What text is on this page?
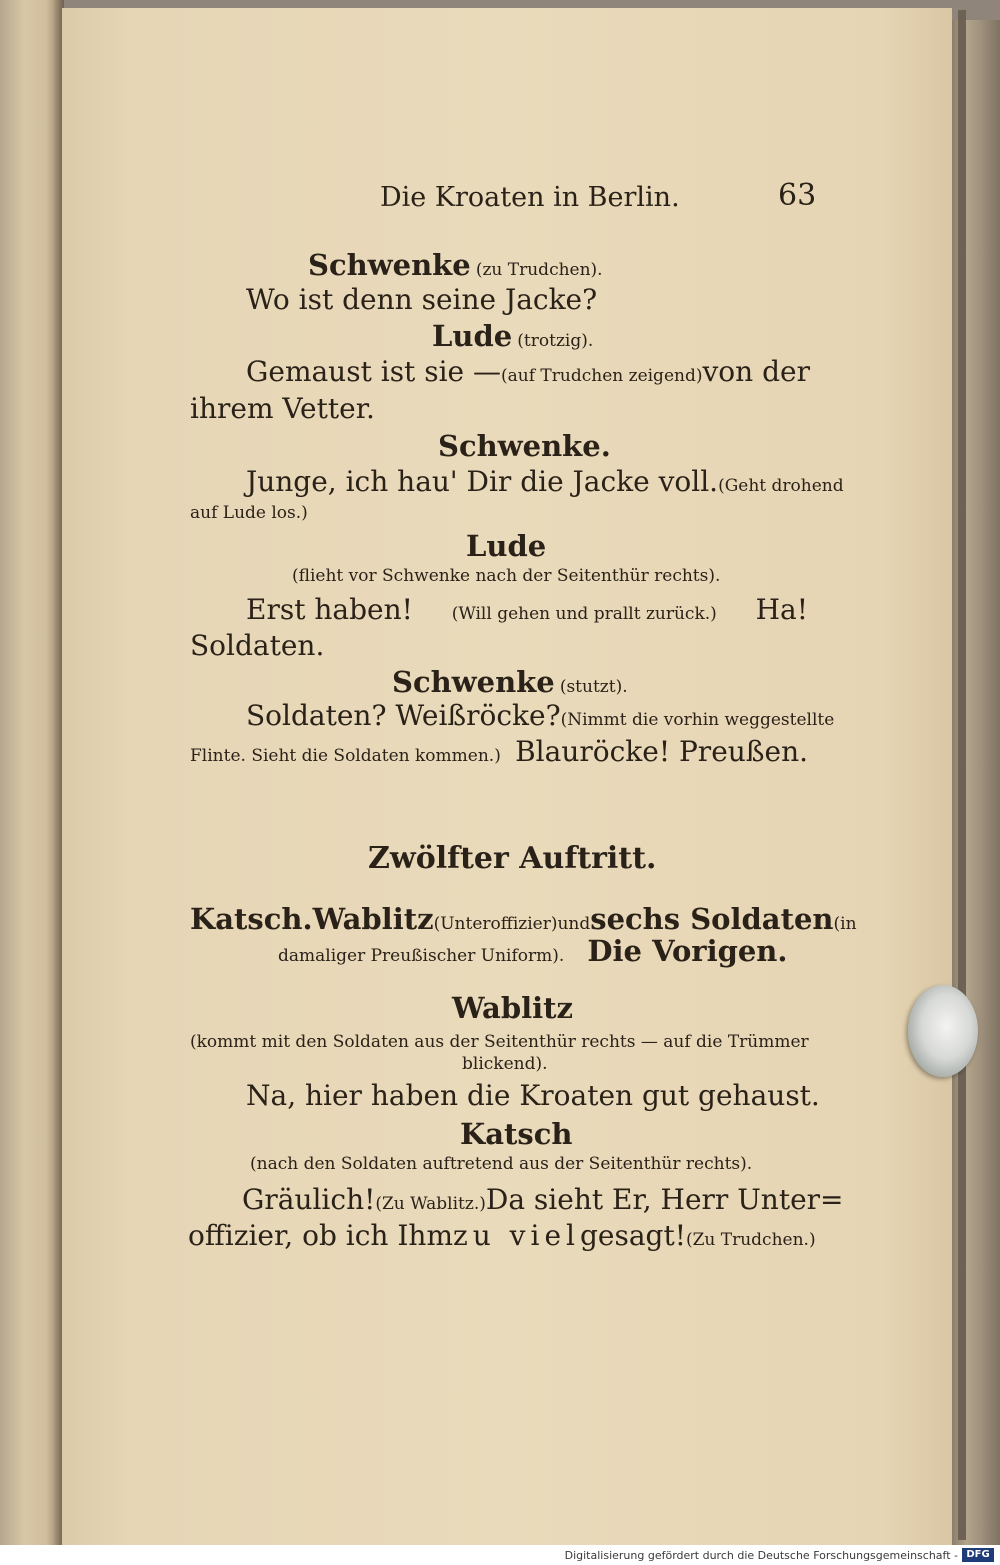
Die Kroaten in Berlin.	63
Schwenke (zu Trudchen).
Wo ist denn seine Jacke?
Lude (trotzig).
Gemaust ist sie — (auf Trudchen zeigend) von der
ihrem Vetter.
Schwenke.
Junge, ich hau' Dir die Jacke voll. (Geht drohend
auf Lude los.)
Lude
(flieht vor Schwenke nach der Seitenthür rechts).
Erst haben! (Will gehen und prallt zurück.) Ha!
Soldaten.
Schwenke (stutzt).
Soldaten? Weißröcke? (Nimmt die vorhin weggestellte
Flinte. Sieht die Soldaten kommen.) Blauröcke! Preußen.
Zwölfter Auftritt.
Katsch. Wablitz (Unteroffizier) und sechs Soldaten (in
damaliger Preußischer Uniform). Die Vorigen.
Wablitz
(kommt mit den Soldaten aus der Seitenthür rechts — auf die Trümmer
blickend).
Na, hier haben die Kroaten gut gehaust.
Katsch
(nach den Soldaten auftretend aus der Seitenthür rechts).
Gräulich! (Zu Wablitz.) Da sieht Er, Herr Unter=
offizier, ob ich Ihm zu viel gesagt! (Zu Trudchen.)
Digitalisierung gefördert durch die Deutsche Forschungsgemeinschaft - DFG
